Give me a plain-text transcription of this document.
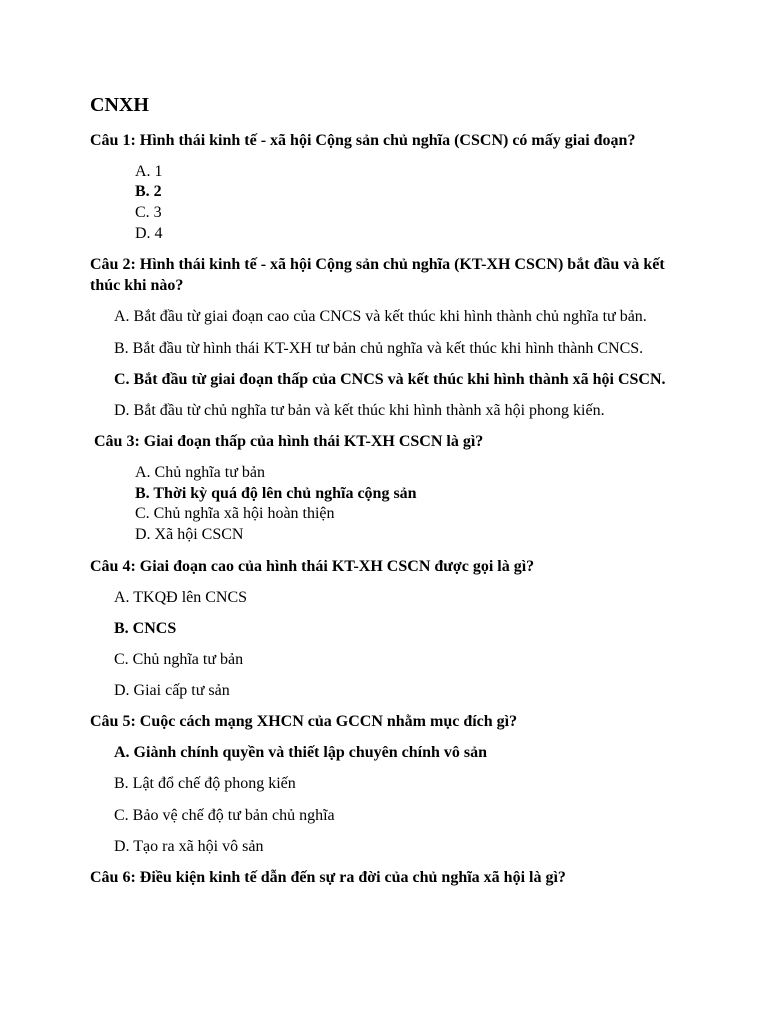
CNXH
Câu 1: Hình thái kinh tế - xã hội Cộng sản chủ nghĩa (CSCN) có mấy giai đoạn?
A. 1
B. 2
C. 3
D. 4
Câu 2: Hình thái kinh tế - xã hội Cộng sản chủ nghĩa (KT-XH CSCN) bắt đầu và kết thúc khi nào?
A. Bắt đầu từ giai đoạn cao của CNCS và kết thúc khi hình thành chủ nghĩa tư bản.
B. Bắt đầu từ hình thái KT-XH tư bản chủ nghĩa và kết thúc khi hình thành CNCS.
C. Bắt đầu từ giai đoạn thấp của CNCS và kết thúc khi hình thành xã hội CSCN.
D. Bắt đầu từ chủ nghĩa tư bản và kết thúc khi hình thành xã hội phong kiến.
Câu 3: Giai đoạn thấp của hình thái KT-XH CSCN là gì?
A. Chủ nghĩa tư bản
B. Thời kỳ quá độ lên chủ nghĩa cộng sản
C. Chủ nghĩa xã hội hoàn thiện
D. Xã hội CSCN
Câu 4: Giai đoạn cao của hình thái KT-XH CSCN được gọi là gì?
A. TKQĐ lên CNCS
B. CNCS
C. Chủ nghĩa tư bản
D. Giai cấp tư sản
Câu 5: Cuộc cách mạng XHCN của GCCN nhằm mục đích gì?
A. Giành chính quyền và thiết lập chuyên chính vô sản
B. Lật đổ chế độ phong kiến
C. Bảo vệ chế độ tư bản chủ nghĩa
D. Tạo ra xã hội vô sản
Câu 6: Điều kiện kinh tế dẫn đến sự ra đời của chủ nghĩa xã hội là gì?
